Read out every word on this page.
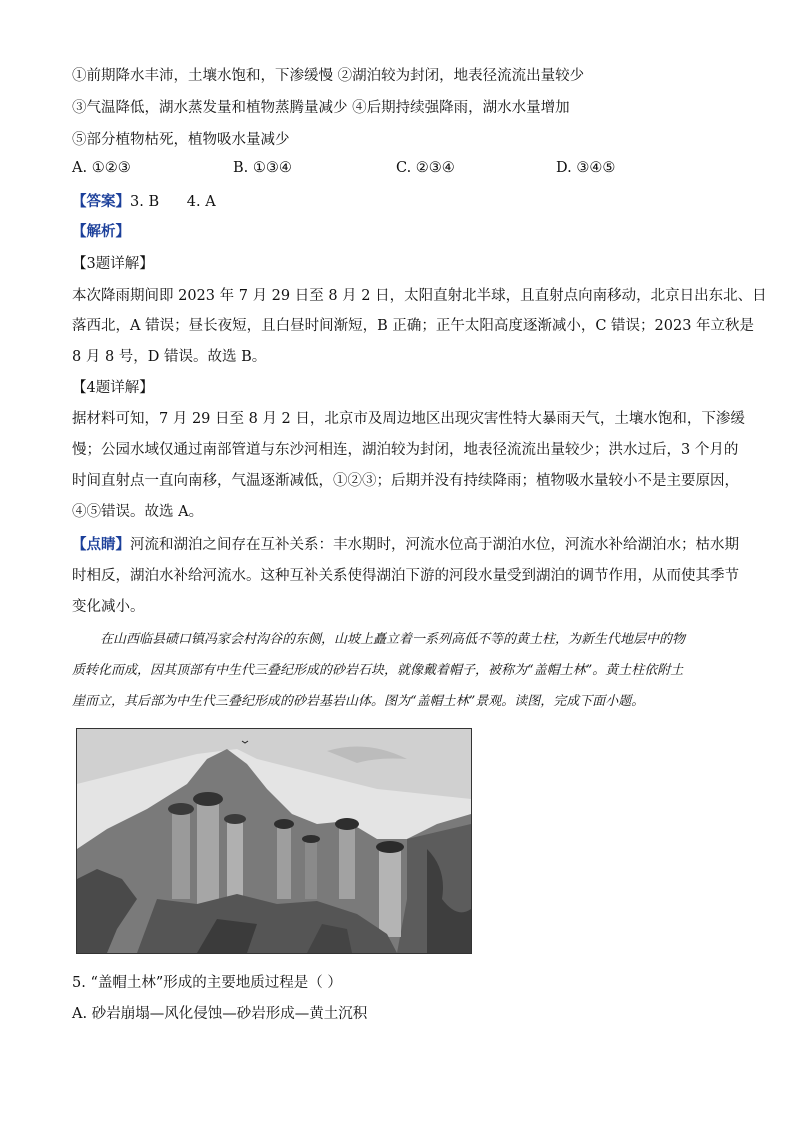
①前期降水丰沛，土壤水饱和，下渗缓慢 ②湖泊较为封闭，地表径流流出量较少
③气温降低，湖水蒸发量和植物蒸腾量减少 ④后期持续强降雨，湖水水量增加
⑤部分植物枯死，植物吸水量减少
A. ①②③	B. ①③④	C. ②③④	D. ③④⑤
【答案】3. B      4. A
【解析】
【3题详解】
本次降雨期间即 2023 年 7 月 29 日至 8 月 2 日，太阳直射北半球，且直射点向南移动，北京日出东北、日
落西北，A 错误；昼长夜短，且白昼时间渐短，B 正确；正午太阳高度逐渐减小，C 错误；2023 年立秋是
8 月 8 号，D 错误。故选 B。
【4题详解】
据材料可知，7 月 29 日至 8 月 2 日，北京市及周边地区出现灾害性特大暴雨天气，土壤水饱和，下渗缓
慢；公园水域仅通过南部管道与东沙河相连，湖泊较为封闭，地表径流流出量较少；洪水过后，3 个月的
时间直射点一直向南移，气温逐渐减低，①②③；后期并没有持续降雨；植物吸水量较小不是主要原因，
④⑤错误。故选 A。
【点睛】河流和湖泊之间存在互补关系：丰水期时，河流水位高于湖泊水位，河流水补给湖泊水；枯水期
时相反，湖泊水补给河流水。这种互补关系使得湖泊下游的河段水量受到湖泊的调节作用，从而使其季节
变化减小。
在山西临县碛口镇冯家会村沟谷的东侧，山坡上矗立着一系列高低不等的黄土柱，为新生代地层中的物
质转化而成，因其顶部有中生代三叠纪形成的砂岩石块，就像戴着帽子，被称为“盖帽土林”。黄土柱依附土
崖而立，其后部为中生代三叠纪形成的砂岩基岩山体。图为“盖帽土林”景观。读图，完成下面小题。
5. “盖帽土林”形成的主要地质过程是（ ）
A. 砂岩崩塌—风化侵蚀—砂岩形成—黄土沉积
